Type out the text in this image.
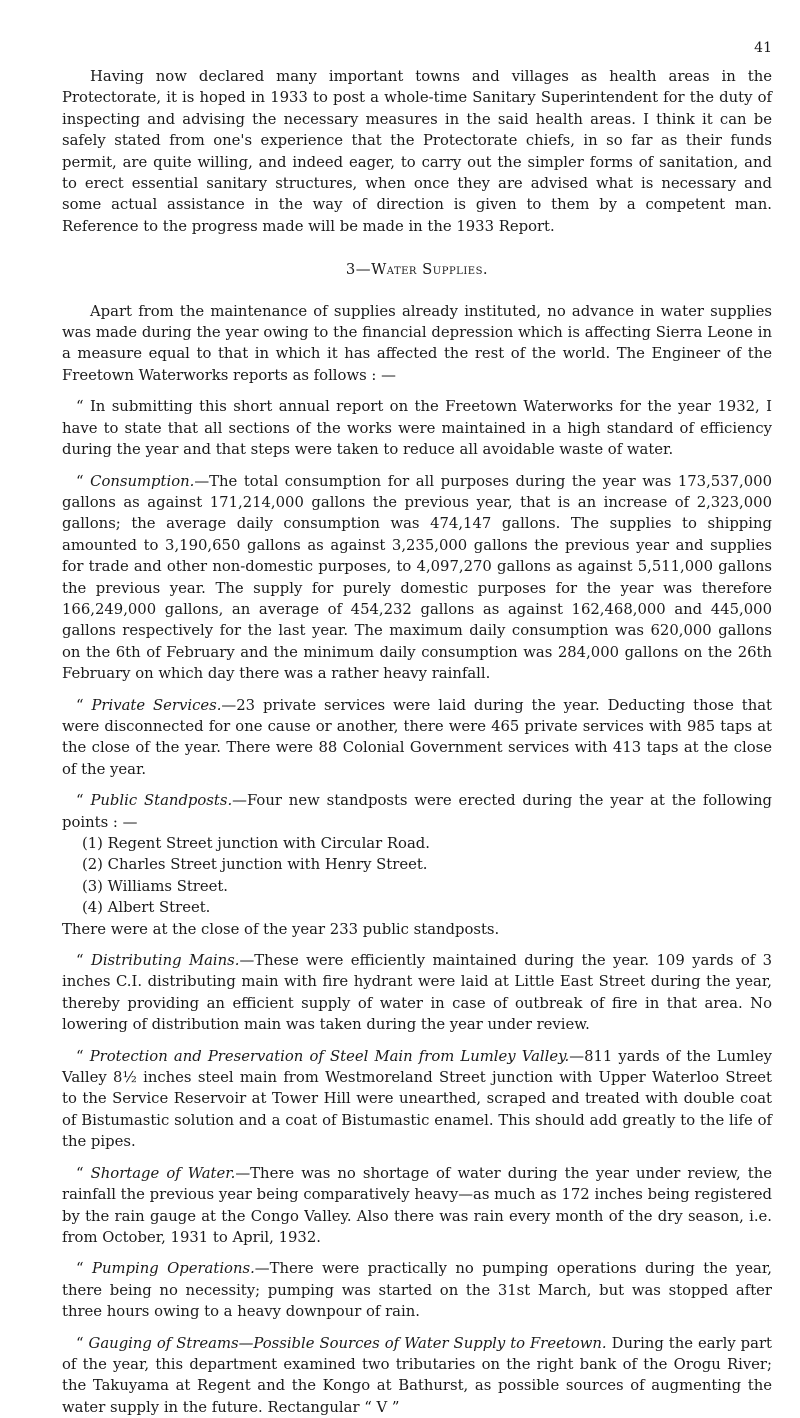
41

Having now declared many important towns and villages as health areas in the Protectorate, it is hoped in 1933 to post a whole-time Sanitary Superintendent for the duty of inspecting and advising the necessary measures in the said health areas. I think it can be safely stated from one's experience that the Protectorate chiefs, in so far as their funds permit, are quite willing, and indeed eager, to carry out the simpler forms of sanitation, and to erect essential sanitary structures, when once they are advised what is necessary and some actual assistance in the way of direction is given to them by a competent man. Reference to the progress made will be made in the 1933 Report.

3—Water Supplies.

Apart from the maintenance of supplies already instituted, no advance in water supplies was made during the year owing to the financial depression which is affecting Sierra Leone in a measure equal to that in which it has affected the rest of the world. The Engineer of the Freetown Waterworks reports as follows : —

“ In submitting this short annual report on the Freetown Waterworks for the year 1932, I have to state that all sections of the works were maintained in a high standard of efficiency during the year and that steps were taken to reduce all avoidable waste of water.

“ Consumption.—The total consumption for all purposes during the year was 173,537,000 gallons as against 171,214,000 gallons the previous year, that is an increase of 2,323,000 gallons; the average daily consumption was 474,147 gallons. The supplies to shipping amounted to 3,190,650 gallons as against 3,235,000 gallons the previous year and supplies for trade and other non-domestic purposes, to 4,097,270 gallons as against 5,511,000 gallons the previous year. The supply for purely domestic purposes for the year was therefore 166,249,000 gallons, an average of 454,232 gallons as against 162,468,000 and 445,000 gallons respectively for the last year. The maximum daily consumption was 620,000 gallons on the 6th of February and the minimum daily consumption was 284,000 gallons on the 26th February on which day there was a rather heavy rainfall.

“ Private Services.—23 private services were laid during the year. Deducting those that were disconnected for one cause or another, there were 465 private services with 985 taps at the close of the year. There were 88 Colonial Government services with 413 taps at the close of the year.

“ Public Standposts.—Four new standposts were erected during the year at the following points : —

(1) Regent Street junction with Circular Road.
(2) Charles Street junction with Henry Street.
(3) Williams Street.
(4) Albert Street.

There were at the close of the year 233 public standposts.

“ Distributing Mains.—These were efficiently maintained during the year. 109 yards of 3 inches C.I. distributing main with fire hydrant were laid at Little East Street during the year, thereby providing an efficient supply of water in case of outbreak of fire in that area. No lowering of distribution main was taken during the year under review.

“ Protection and Preservation of Steel Main from Lumley Valley.—811 yards of the Lumley Valley 8½ inches steel main from Westmoreland Street junction with Upper Waterloo Street to the Service Reservoir at Tower Hill were unearthed, scraped and treated with double coat of Bistumastic solution and a coat of Bistumastic enamel. This should add greatly to the life of the pipes.

“ Shortage of Water.—There was no shortage of water during the year under review, the rainfall the previous year being comparatively heavy—as much as 172 inches being registered by the rain gauge at the Congo Valley. Also there was rain every month of the dry season, i.e. from October, 1931 to April, 1932.

“ Pumping Operations.—There were practically no pumping operations during the year, there being no necessity; pumping was started on the 31st March, but was stopped after three hours owing to a heavy downpour of rain.

“ Gauging of Streams—Possible Sources of Water Supply to Freetown. During the early part of the year, this department examined two tributaries on the right bank of the Orogu River; the Takuyama at Regent and the Kongo at Bathurst, as possible sources of augmenting the water supply in the future. Rectangular “ V ”
